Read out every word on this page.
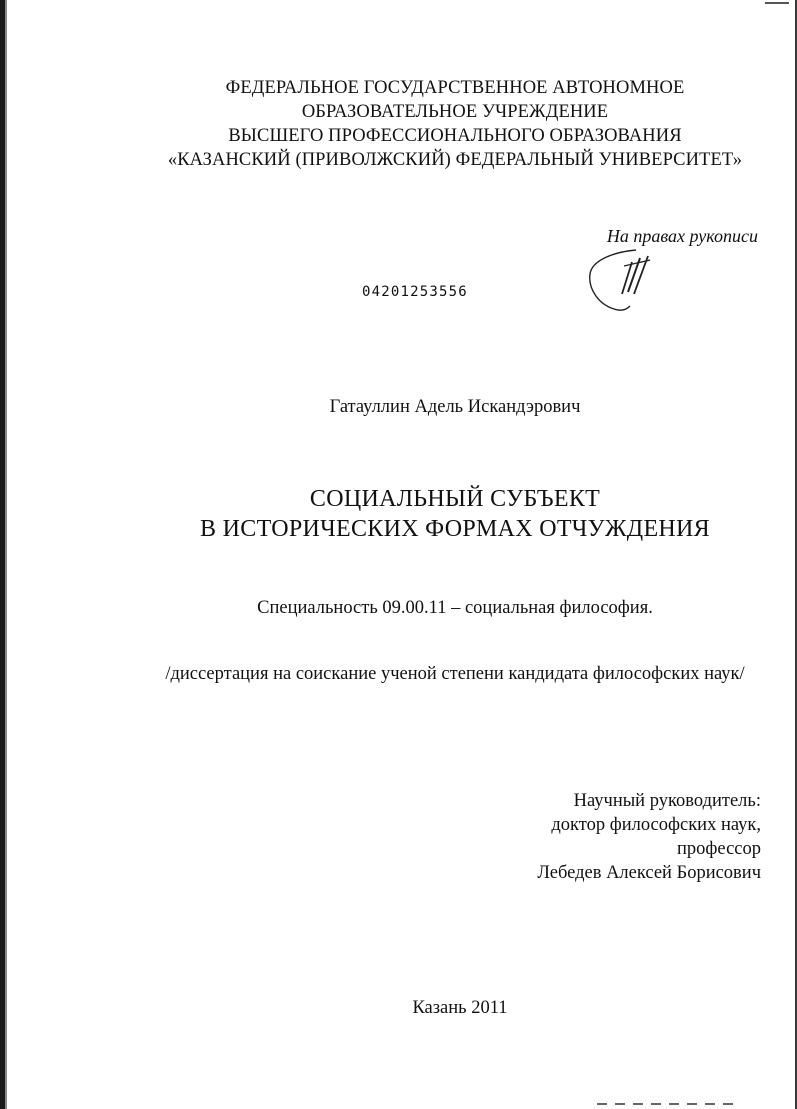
ФЕДЕРАЛЬНОЕ ГОСУДАРСТВЕННОЕ АВТОНОМНОЕ
ОБРАЗОВАТЕЛЬНОЕ УЧРЕЖДЕНИЕ
ВЫСШЕГО ПРОФЕССИОНАЛЬНОГО ОБРАЗОВАНИЯ
«КАЗАНСКИЙ (ПРИВОЛЖСКИЙ) ФЕДЕРАЛЬНЫЙ УНИВЕРСИТЕТ»
На правах рукописи
04201253556
Гатауллин Адель Искандэрович
СОЦИАЛЬНЫЙ СУБЪЕКТ
В ИСТОРИЧЕСКИХ ФОРМАХ ОТЧУЖДЕНИЯ
Специальность 09.00.11 – социальная философия.
/диссертация на соискание ученой степени кандидата философских наук/
Научный руководитель:
доктор философских наук,
профессор
Лебедев Алексей Борисович
Казань 2011
